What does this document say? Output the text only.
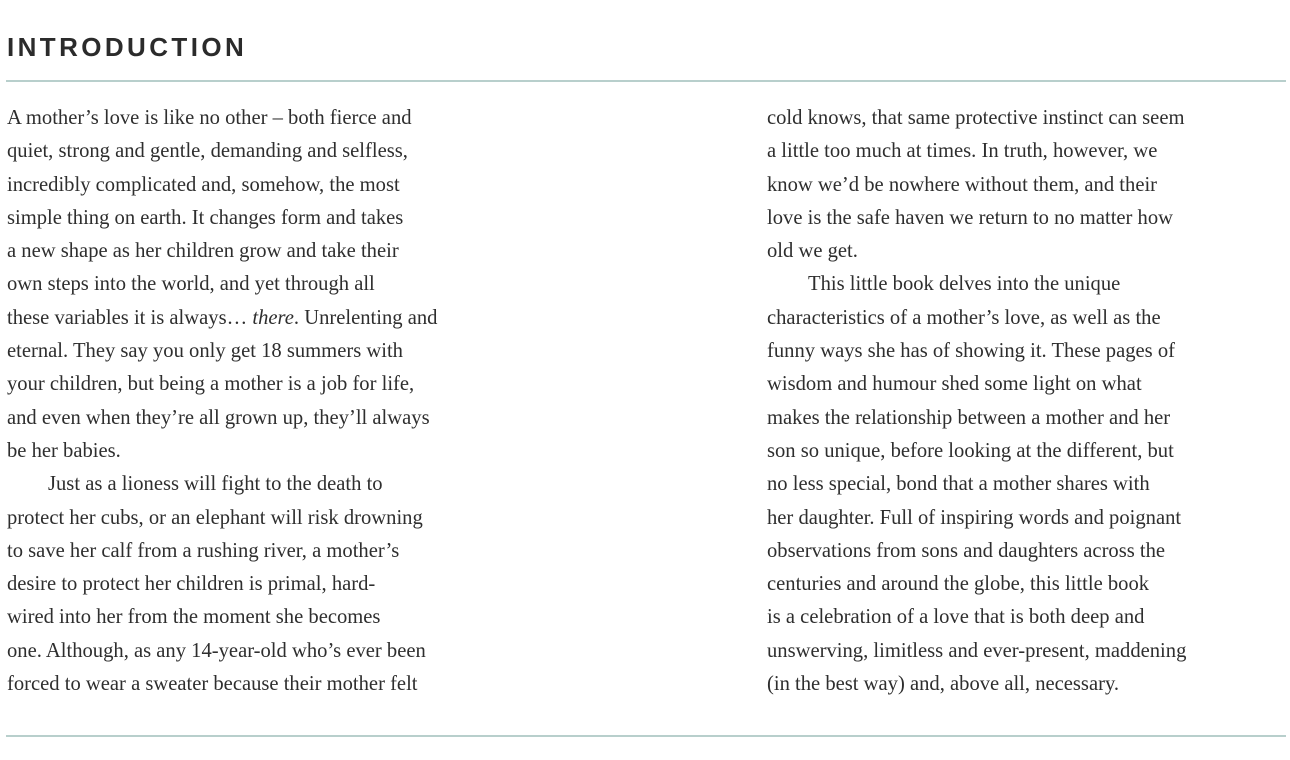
INTRODUCTION
A mother’s love is like no other – both fierce and
quiet, strong and gentle, demanding and selfless,
incredibly complicated and, somehow, the most
simple thing on earth. It changes form and takes
a new shape as her children grow and take their
own steps into the world, and yet through all
these variables it is always… there. Unrelenting and
eternal. They say you only get 18 summers with
your children, but being a mother is a job for life,
and even when they’re all grown up, they’ll always
be her babies.
Just as a lioness will fight to the death to
protect her cubs, or an elephant will risk drowning
to save her calf from a rushing river, a mother’s
desire to protect her children is primal, hard-
wired into her from the moment she becomes
one. Although, as any 14-year-old who’s ever been
forced to wear a sweater because their mother felt
cold knows, that same protective instinct can seem
a little too much at times. In truth, however, we
know we’d be nowhere without them, and their
love is the safe haven we return to no matter how
old we get.
This little book delves into the unique
characteristics of a mother’s love, as well as the
funny ways she has of showing it. These pages of
wisdom and humour shed some light on what
makes the relationship between a mother and her
son so unique, before looking at the different, but
no less special, bond that a mother shares with
her daughter. Full of inspiring words and poignant
observations from sons and daughters across the
centuries and around the globe, this little book
is a celebration of a love that is both deep and
unswerving, limitless and ever-present, maddening
(in the best way) and, above all, necessary.
